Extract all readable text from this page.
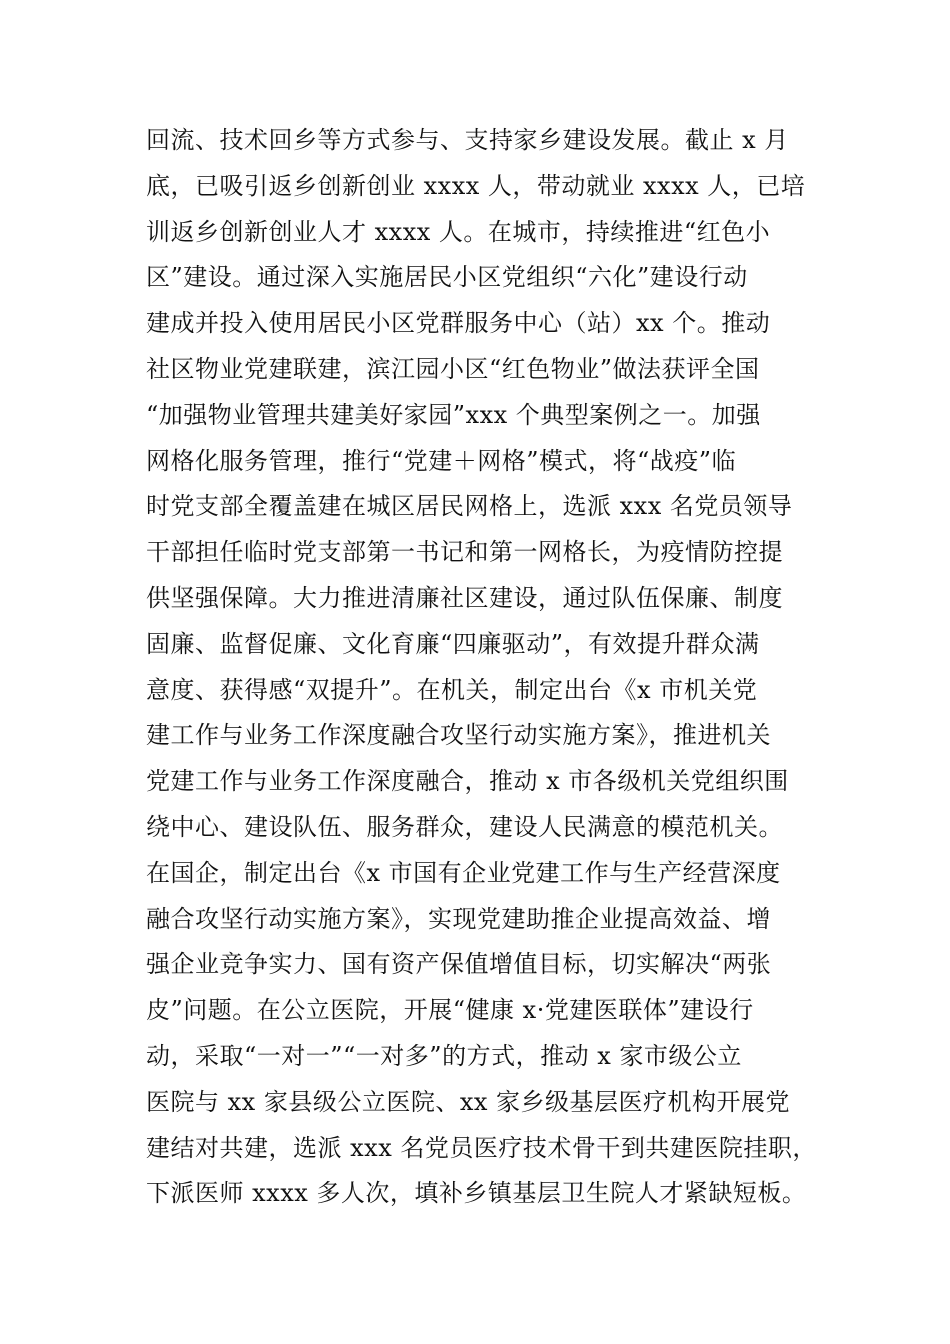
回流、技术回乡等方式参与、支持家乡建设发展。截止 x 月
底，已吸引返乡创新创业 xxxx 人，带动就业 xxxx 人，已培
训返乡创新创业人才 xxxx 人。在城市，持续推进“红色小
区”建设。通过深入实施居民小区党组织“六化”建设行动
建成并投入使用居民小区党群服务中心（站）xx 个。推动
社区物业党建联建，滨江园小区“红色物业”做法获评全国
“加强物业管理共建美好家园”xxx 个典型案例之一。加强
网格化服务管理，推行“党建＋网格”模式，将“战疫”临
时党支部全覆盖建在城区居民网格上，选派 xxx 名党员领导
干部担任临时党支部第一书记和第一网格长，为疫情防控提
供坚强保障。大力推进清廉社区建设，通过队伍保廉、制度
固廉、监督促廉、文化育廉“四廉驱动”，有效提升群众满
意度、获得感“双提升”。在机关，制定出台《x 市机关党
建工作与业务工作深度融合攻坚行动实施方案》，推进机关
党建工作与业务工作深度融合，推动 x 市各级机关党组织围
绕中心、建设队伍、服务群众，建设人民满意的模范机关。
在国企，制定出台《x 市国有企业党建工作与生产经营深度
融合攻坚行动实施方案》，实现党建助推企业提高效益、增
强企业竞争实力、国有资产保值增值目标，切实解决“两张
皮”问题。在公立医院，开展“健康 x·党建医联体”建设行
动，采取“一对一”“一对多”的方式，推动 x 家市级公立
医院与 xx 家县级公立医院、xx 家乡级基层医疗机构开展党
建结对共建，选派 xxx 名党员医疗技术骨干到共建医院挂职，
下派医师 xxxx 多人次，填补乡镇基层卫生院人才紧缺短板。
